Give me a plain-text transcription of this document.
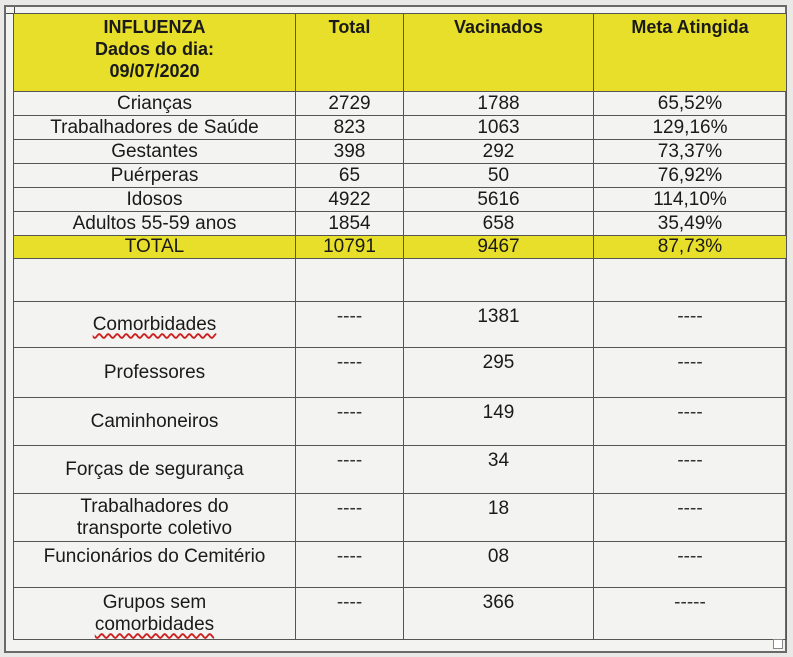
INFLUENZA
Dados do dia:
09/07/2020	Total	Vacinados	Meta Atingida
Crianças	2729	1788	65,52%
Trabalhadores de Saúde	823	1063	129,16%
Gestantes	398	292	73,37%
Puérperas	65	50	76,92%
Idosos	4922	5616	114,10%
Adultos 55-59 anos	1854	658	35,49%
TOTAL	10791	9467	87,73%

Comorbidades	----	1381	----
Professores	----	295	----
Caminhoneiros	----	149	----
Forças de segurança	----	34	----

Trabalhadores do
transporte coletivo	----	18	----
Funcionários do Cemitério	----	08	----

Grupos sem
comorbidades	----	366	-----
